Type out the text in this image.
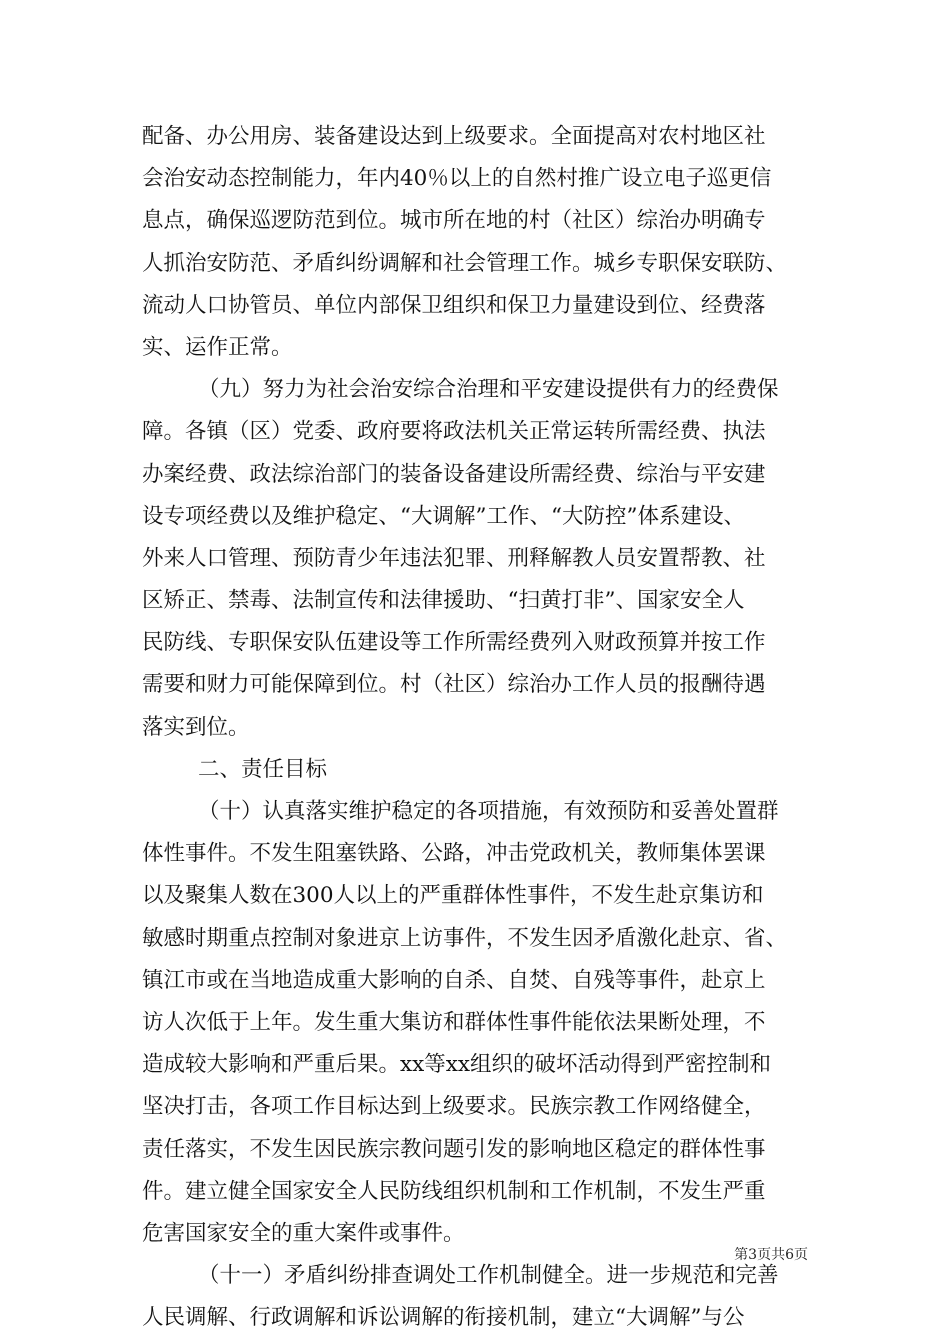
配备、办公用房、装备建设达到上级要求。全面提高对农村地区社
会治安动态控制能力，年内40％以上的自然村推广设立电子巡更信
息点，确保巡逻防范到位。城市所在地的村（社区）综治办明确专
人抓治安防范、矛盾纠纷调解和社会管理工作。城乡专职保安联防、
流动人口协管员、单位内部保卫组织和保卫力量建设到位、经费落
实、运作正常。
（九）努力为社会治安综合治理和平安建设提供有力的经费保
障。各镇（区）党委、政府要将政法机关正常运转所需经费、执法
办案经费、政法综治部门的装备设备建设所需经费、综治与平安建
设专项经费以及维护稳定、“大调解”工作、“大防控”体系建设、
外来人口管理、预防青少年违法犯罪、刑释解教人员安置帮教、社
区矫正、禁毒、法制宣传和法律援助、“扫黄打非”、国家安全人
民防线、专职保安队伍建设等工作所需经费列入财政预算并按工作
需要和财力可能保障到位。村（社区）综治办工作人员的报酬待遇
落实到位。
二、责任目标
（十）认真落实维护稳定的各项措施，有效预防和妥善处置群
体性事件。不发生阻塞铁路、公路，冲击党政机关，教师集体罢课
以及聚集人数在300人以上的严重群体性事件，不发生赴京集访和
敏感时期重点控制对象进京上访事件，不发生因矛盾激化赴京、省、
镇江市或在当地造成重大影响的自杀、自焚、自残等事件，赴京上
访人次低于上年。发生重大集访和群体性事件能依法果断处理，不
造成较大影响和严重后果。xx等xx组织的破坏活动得到严密控制和
坚决打击，各项工作目标达到上级要求。民族宗教工作网络健全，
责任落实，不发生因民族宗教问题引发的影响地区稳定的群体性事
件。建立健全国家安全人民防线组织机制和工作机制，不发生严重
危害国家安全的重大案件或事件。
（十一）矛盾纠纷排查调处工作机制健全。进一步规范和完善
人民调解、行政调解和诉讼调解的衔接机制，建立“大调解”与公
第3页共6页
